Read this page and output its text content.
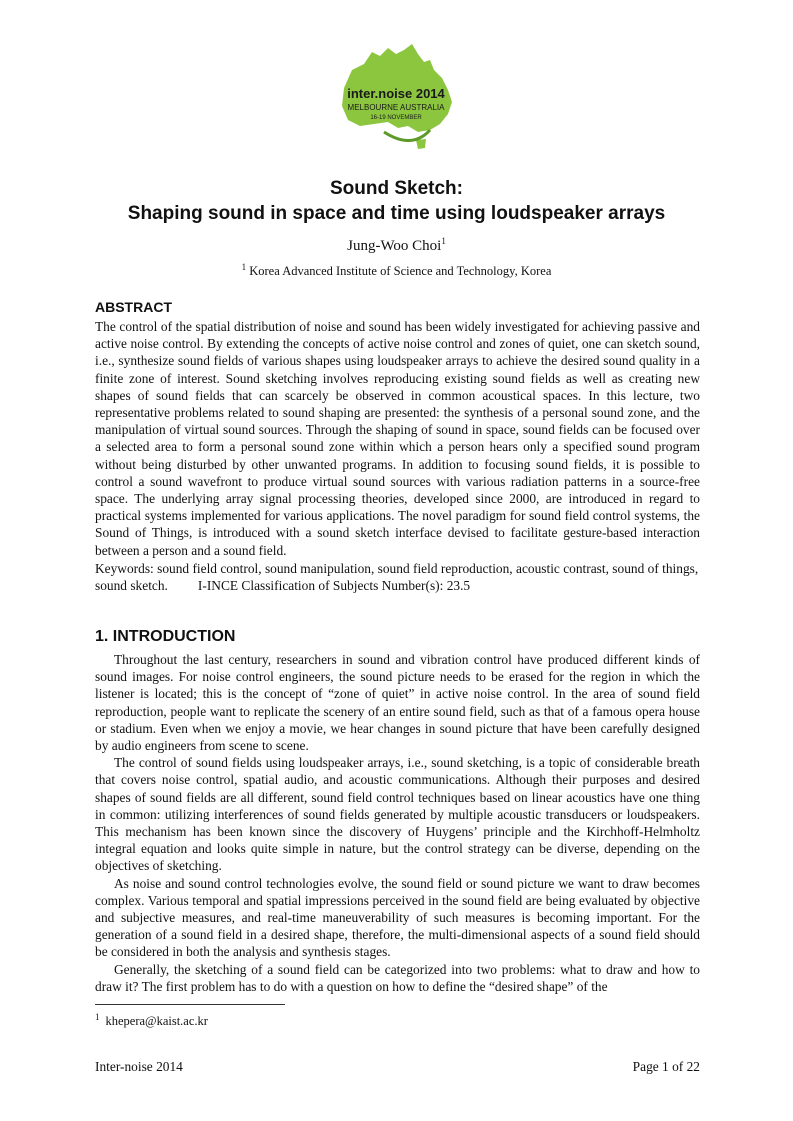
inter.noise 2014
MELBOURNE AUSTRALIA
16-19 NOVEMBER
Sound Sketch:
Shaping sound in space and time using loudspeaker arrays
Jung-Woo Choi$^1$
$^1$ Korea Advanced Institute of Science and Technology, Korea
ABSTRACT

The control of the spatial distribution of noise and sound has been widely investigated for achieving passive and active noise control. By extending the concepts of active noise control and zones of quiet, one can sketch sound, i.e., synthesize sound fields of various shapes using loudspeaker arrays to achieve the desired sound quality in a finite zone of interest. Sound sketching involves reproducing existing sound fields as well as creating new shapes of sound fields that can scarcely be observed in common acoustical spaces. In this lecture, two representative problems related to sound shaping are presented: the synthesis of a personal sound zone, and the manipulation of virtual sound sources. Through the shaping of sound in space, sound fields can be focused over a selected area to form a personal sound zone within which a person hears only a specified sound program without being disturbed by other unwanted programs. In addition to focusing sound fields, it is possible to control a sound wavefront to produce virtual sound sources with various radiation patterns in a source-free space. The underlying array signal processing theories, developed since 2000, are introduced in regard to practical systems implemented for various applications. The novel paradigm for sound field control systems, the Sound of Things, is introduced with a sound sketch interface devised to facilitate gesture-based interaction between a person and a sound field.

Keywords: sound field control, sound manipulation, sound field reproduction, acoustic contrast, sound of things, sound sketch. I-INCE Classification of Subjects Number(s): 23.5

1. INTRODUCTION

Throughout the last century, researchers in sound and vibration control have produced different kinds of sound images. For noise control engineers, the sound picture needs to be erased for the region in which the listener is located; this is the concept of “zone of quiet” in active noise control. In the area of sound field reproduction, people want to replicate the scenery of an entire sound field, such as that of a famous opera house or stadium. Even when we enjoy a movie, we hear changes in sound picture that have been carefully designed by audio engineers from scene to scene.

The control of sound fields using loudspeaker arrays, i.e., sound sketching, is a topic of considerable breath that covers noise control, spatial audio, and acoustic communications. Although their purposes and desired shapes of sound fields are all different, sound field control techniques based on linear acoustics have one thing in common: utilizing interferences of sound fields generated by multiple acoustic transducers or loudspeakers. This mechanism has been known since the discovery of Huygens’ principle and the Kirchhoff-Helmholtz integral equation and looks quite simple in nature, but the control strategy can be diverse, depending on the objectives of sketching.

As noise and sound control technologies evolve, the sound field or sound picture we want to draw becomes complex. Various temporal and spatial impressions perceived in the sound field are being evaluated by objective and subjective measures, and real-time maneuverability of such measures is becoming important. For the generation of a sound field in a desired shape, therefore, the multi-dimensional aspects of a sound field should be considered in both the analysis and synthesis stages.

Generally, the sketching of a sound field can be categorized into two problems: what to draw and how to draw it? The first problem has to do with a question on how to define the “desired shape” of the

$^1$ khepera@kaist.ac.kr
Inter-noise 2014	Page 1 of 22
